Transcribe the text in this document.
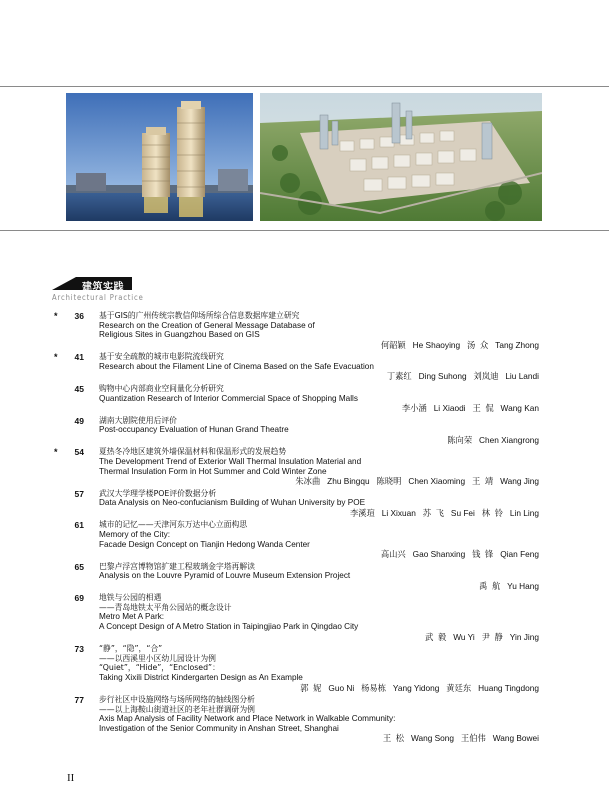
建筑实践
Architectural Practice
*	36 基于GIS的广州传统宗教信仰场所综合信息数据库建立研究
Research on the Creation of General Message Database of
Religious Sites in Guangzhou Based on GIS
何韶颖   He Shaoying   汤  众   Tang Zhong
*	41 基于安全疏散的城市电影院流线研究
Research about the Filament Line of Cinema Based on the Safe Evacuation
丁素红   Ding Suhong   刘岚迪   Liu Landi
45 购物中心内部商业空间量化分析研究
Quantization Research of Interior Commercial Space of Shopping Malls
李小涵   Li Xiaodi   王  侃   Wang Kan
49 湖南大剧院使用后评价
Post-occupancy Evaluation of Hunan Grand Theatre
陈向荣   Chen Xiangrong
*	54 夏热冬冷地区建筑外墙保温材料和保温形式的发展趋势
The Development Trend of Exterior Wall Thermal Insulation Material and
Thermal Insulation Form in Hot Summer and Cold Winter Zone
朱冰曲   Zhu Bingqu   陈晓明   Chen Xiaoming   王  靖   Wang Jing
57 武汉大学理学楼POE评价数据分析
Data Analysis on Neo-confucianism Building of Wuhan University by POE
李溪瑄   Li Xixuan   苏  飞   Su Fei   林  铃   Lin Ling
61 城市的记忆——天津河东万达中心立面构思
Memory of the City:
Facade Design Concept on Tianjin Hedong Wanda Center
高山兴   Gao Shanxing   钱  锋   Qian Feng
65 巴黎卢浮宫博物馆扩建工程玻璃金字塔再解读
Analysis on the Louvre Pyramid of Louvre Museum Extension Project
禹  航   Yu Hang
69 地铁与公园的相遇
——青岛地铁太平角公园站的概念设计
Metro Met A Park:
A Concept Design of A Metro Station in Taipingjiao Park in Qingdao City
武  毅   Wu Yi   尹  静   Yin Jing
73 “静”，“隐”，“合”
——以西溪里小区幼儿园设计为例
“Quiet”，“Hide”，“Enclosed”：
Taking Xixili District Kindergarten Design as An Example
郭  妮   Guo Ni   杨易栋   Yang Yidong   黄廷东   Huang Tingdong
77 步行社区中设施网络与场所网络的轴线图分析
——以上海鞍山街道社区的老年社群调研为例
Axis Map Analysis of Facility Network and Place Network in Walkable Community:
Investigation of the Senior Community in Anshan Street, Shanghai
王  松   Wang Song   王伯伟   Wang Bowei
II
